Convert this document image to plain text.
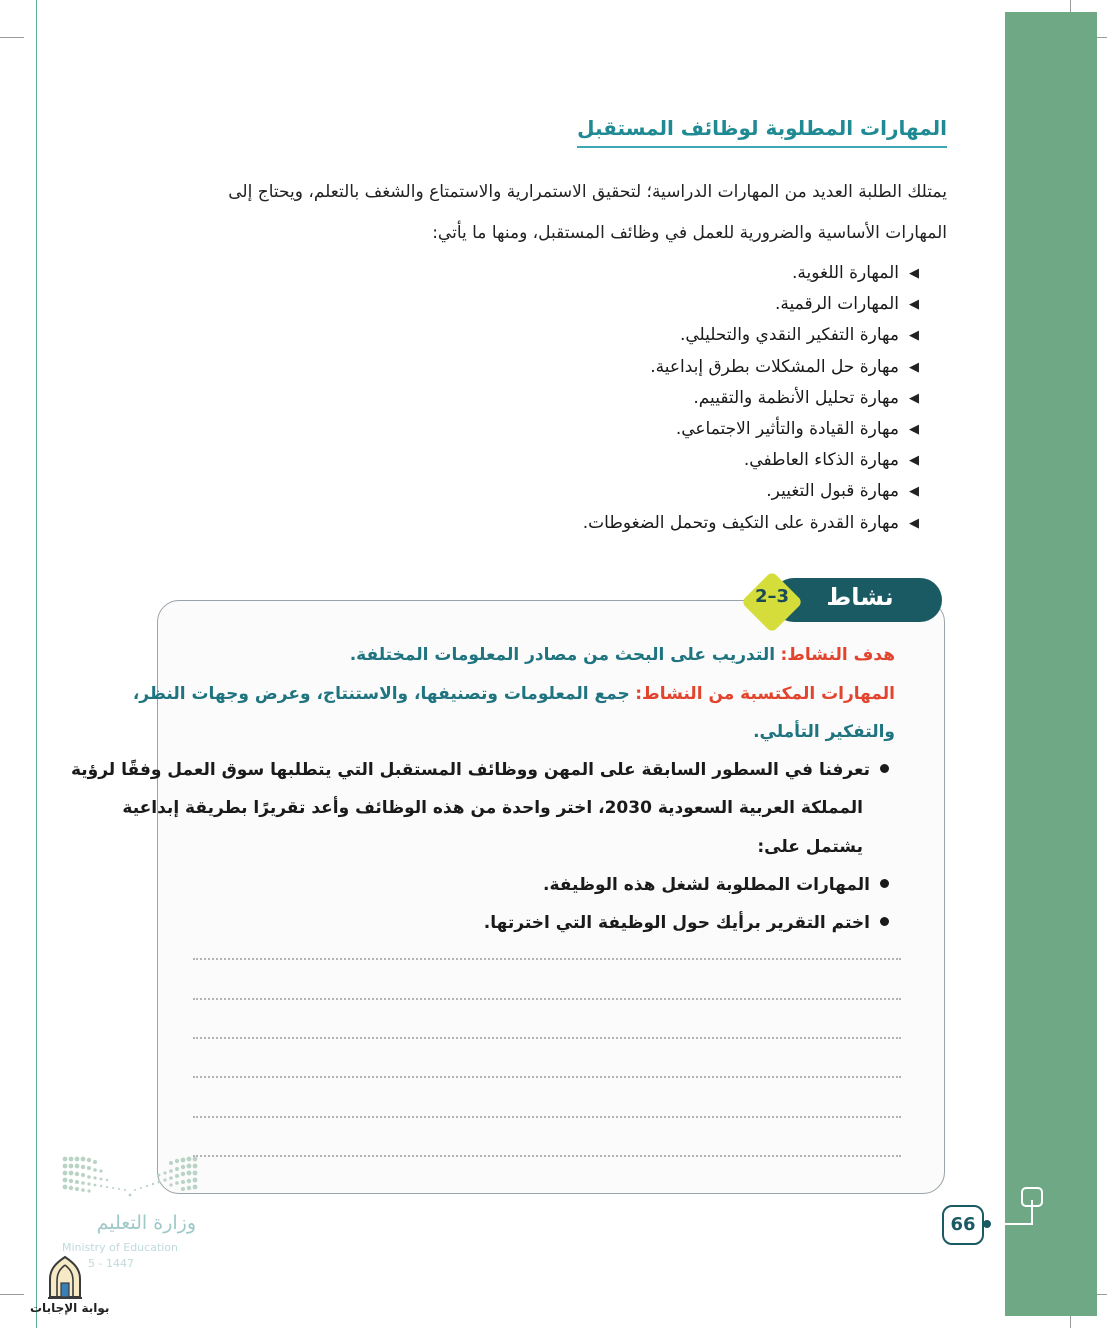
المهارات المطلوبة لوظائف المستقبل
يمتلك الطلبة العديد من المهارات الدراسية؛ لتحقيق الاستمرارية والاستمتاع والشغف بالتعلم، ويحتاج إلى
المهارات الأساسية والضرورية للعمل في وظائف المستقبل، ومنها ما يأتي:
◀المهارة اللغوية.
◀المهارات الرقمية.
◀مهارة التفكير النقدي والتحليلي.
◀مهارة حل المشكلات بطرق إبداعية.
◀مهارة تحليل الأنظمة والتقييم.
◀مهارة القيادة والتأثير الاجتماعي.
◀مهارة الذكاء العاطفي.
◀مهارة قبول التغيير.
◀مهارة القدرة على التكيف وتحمل الضغوطات.
نشاط
2–3
هدف النشاط: التدريب على البحث من مصادر المعلومات المختلفة.
المهارات المكتسبة من النشاط: جمع المعلومات وتصنيفها، والاستنتاج، وعرض وجهات النظر،
والتفكير التأملي.
تعرفنا في السطور السابقة على المهن ووظائف المستقبل التي يتطلبها سوق العمل وفقًا لرؤية
المملكة العربية السعودية 2030، اختر واحدة من هذه الوظائف وأعد تقريرًا بطريقة إبداعية
يشتمل على:
المهارات المطلوبة لشغل هذه الوظيفة.
اختم التقرير برأيك حول الوظيفة التي اخترتها.
66
وزارة التعليم
Ministry of Education
5 - 1447
بوابة الإجابات
